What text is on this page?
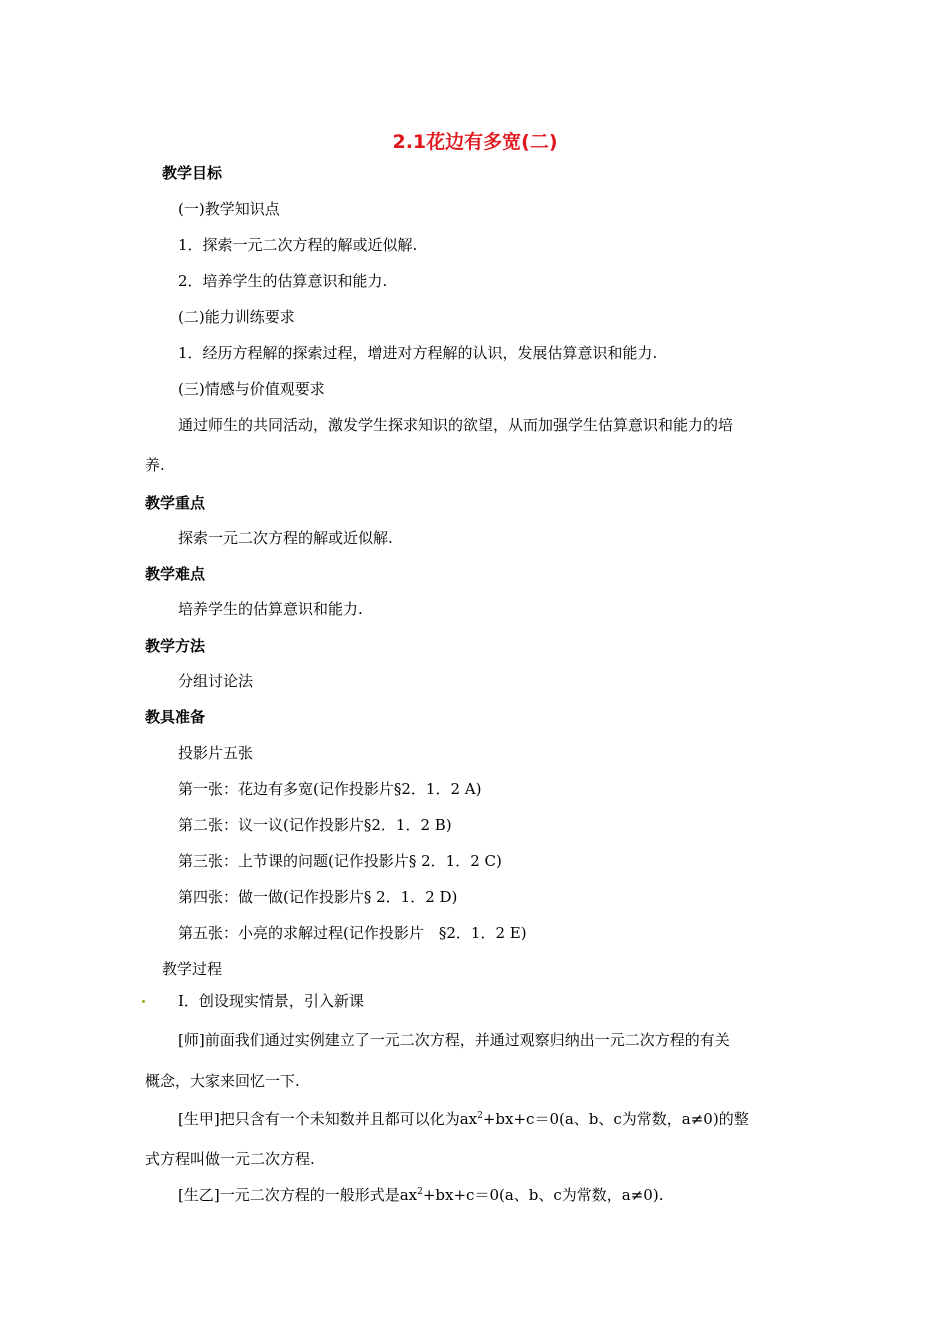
2.1花边有多宽(二)
教学目标
(一)教学知识点
1．探索一元二次方程的解或近似解.
2．培养学生的估算意识和能力.
(二)能力训练要求
1．经历方程解的探索过程，增进对方程解的认识，发展估算意识和能力.
(三)情感与价值观要求
通过师生的共同活动，激发学生探求知识的欲望，从而加强学生估算意识和能力的培
养.
教学重点
探索一元二次方程的解或近似解.
教学难点
培养学生的估算意识和能力.
教学方法
分组讨论法
教具准备
投影片五张
第一张：花边有多宽(记作投影片§2．1．2 A)
第二张：议一议(记作投影片§2．1．2 B)
第三张：上节课的问题(记作投影片§ 2．1．2 C)
第四张：做一做(记作投影片§ 2．1．2 D)
第五张：小亮的求解过程(记作投影片　§2．1．2 E)
教学过程
Ⅰ．创设现实情景，引入新课
[师]前面我们通过实例建立了一元二次方程，并通过观察归纳出一元二次方程的有关
概念，大家来回忆一下.
[生甲]把只含有一个未知数并且都可以化为$ax^2+bx+c=0(a$、b、c为常数，a≠0)的整
式方程叫做一元二次方程.
[生乙]一元二次方程的一般形式是$ax^2+bx+c=0(a$、b、c为常数，a≠0).
